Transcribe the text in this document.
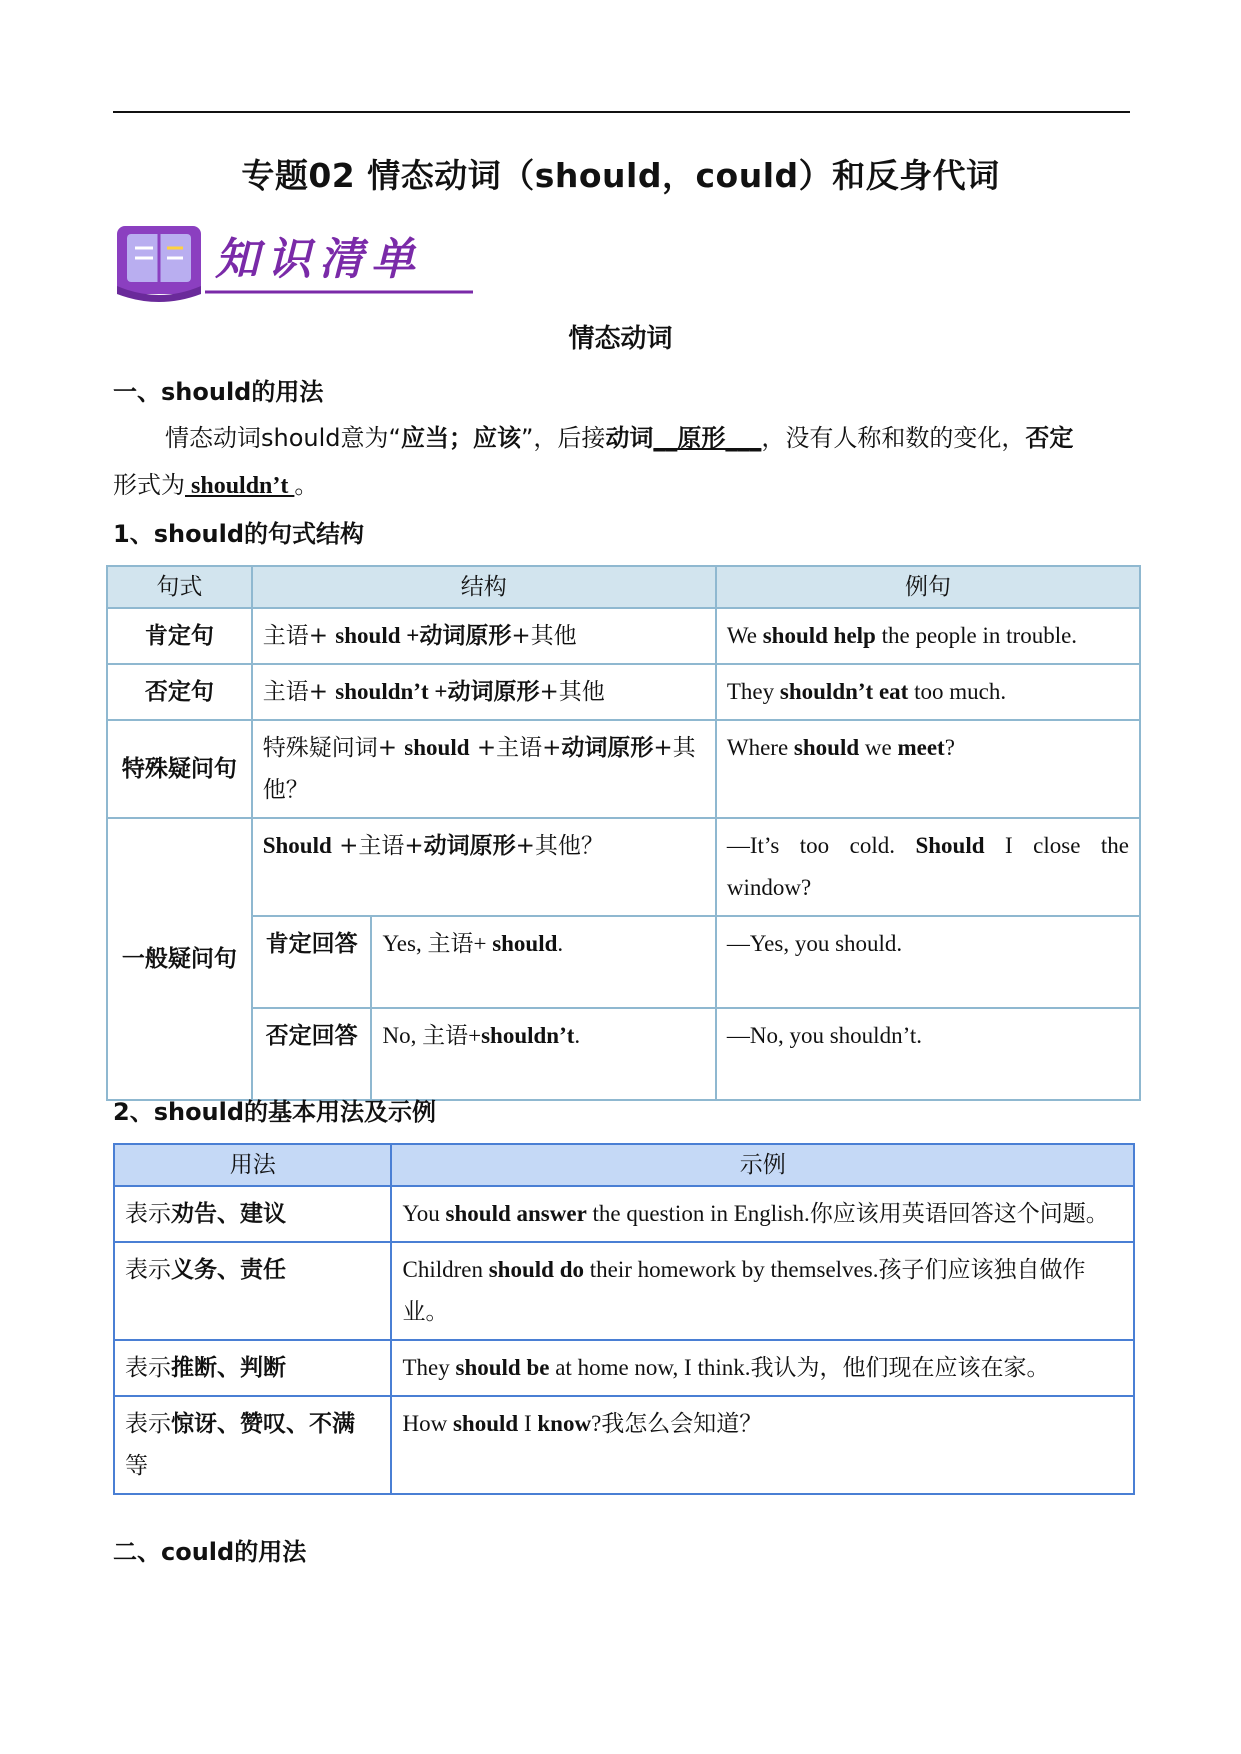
专题02 情态动词（should，could）和反身代词
知识清单
情态动词
一、should的用法
情态动词should意为“应当；应该”，后接动词__原形___，没有人称和数的变化，否定
形式为 shouldn’t 。
1、should的句式结构
句式	结构		例句
肯定句	主语+ should +动词原形+其他		We should help the people in trouble.
否定句	主语+ shouldn’t +动词原形+其他		They shouldn’t eat too much.
特殊疑问句	特殊疑问词+ should +主语+动词原形+其他？		Where should we meet?
一般疑问句	Should +主语+动词原形+其他？		—It’s too cold. Should I close the window?
	肯定回答	Yes, 主语+ should.	—Yes, you should.
	否定回答	No, 主语+shouldn’t.	—No, you shouldn’t.
2、should的基本用法及示例
用法	示例
表示劝告、建议	You should answer the question in English.你应该用英语回答这个问题。
表示义务、责任	Children should do their homework by themselves.孩子们应该独自做作业。
表示推断、判断	They should be at home now, I think.我认为，他们现在应该在家。
表示惊讶、赞叹、不满
等	How should I know?我怎么会知道？
二、could的用法
